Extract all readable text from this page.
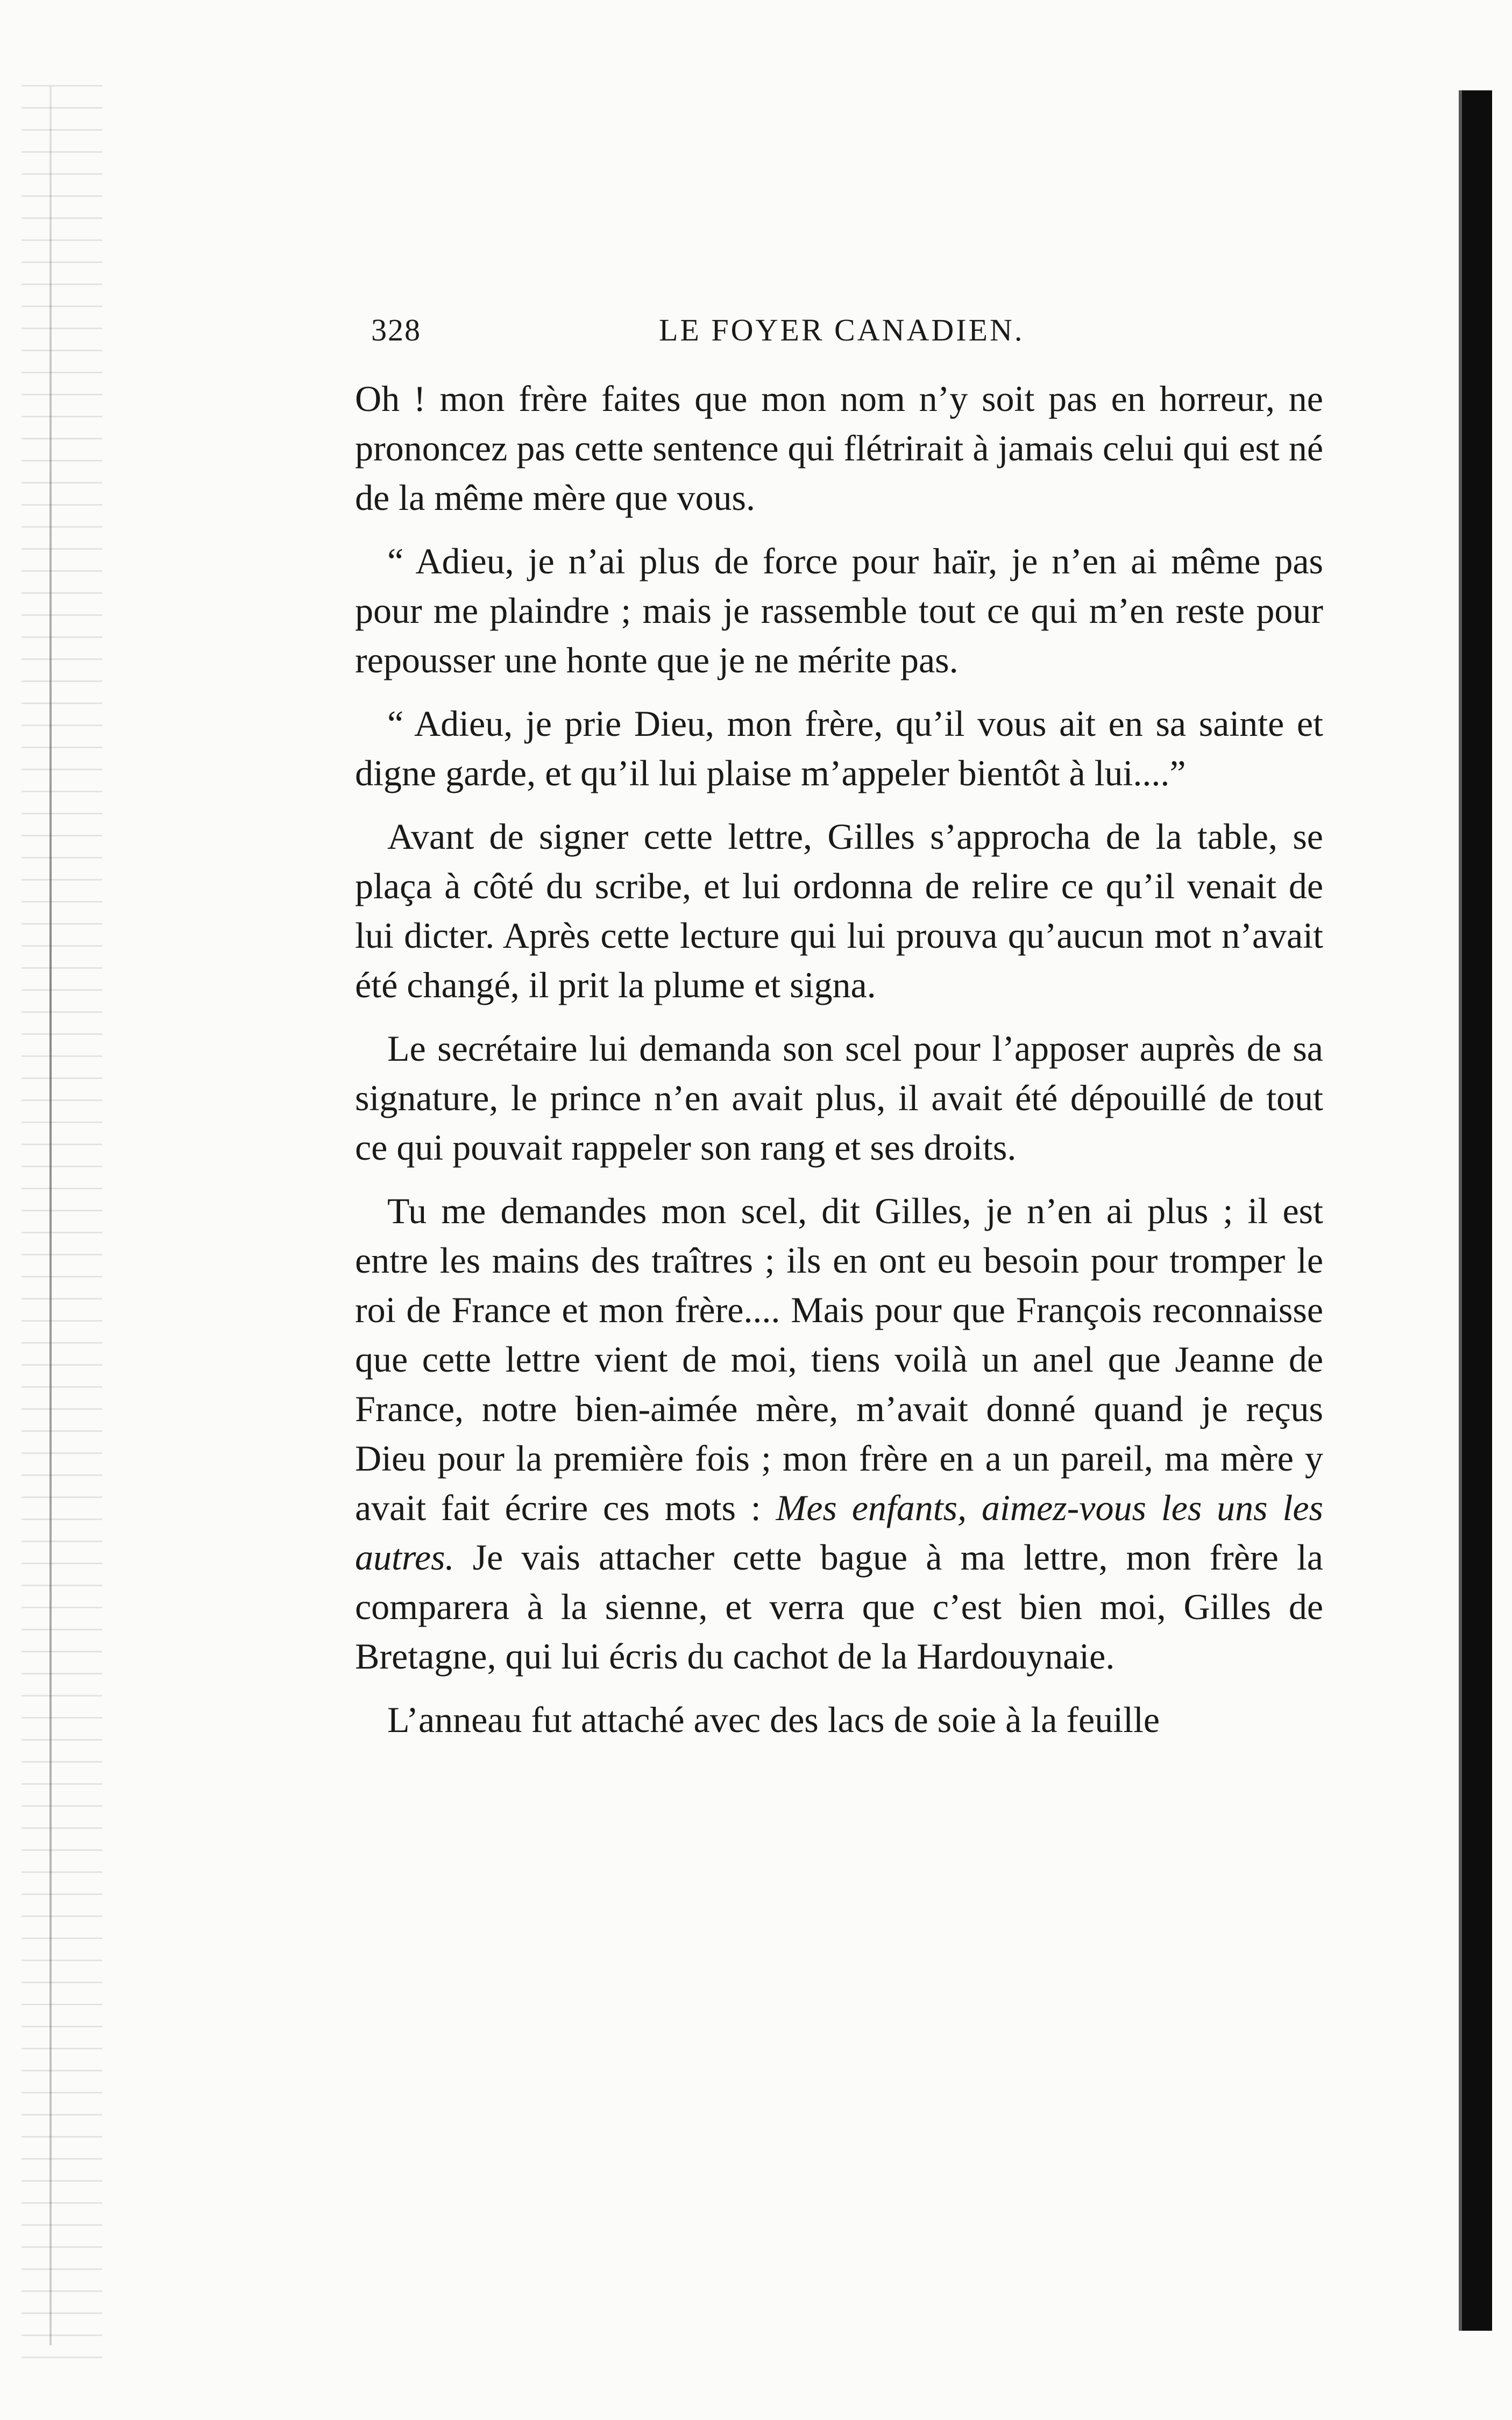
328	LE FOYER CANADIEN.

Oh ! mon frère faites que mon nom n’y soit pas en horreur, ne prononcez pas cette sentence qui flétrirait à jamais celui qui est né de la même mère que vous.

“ Adieu, je n’ai plus de force pour haïr, je n’en ai même pas pour me plaindre ; mais je rassemble tout ce qui m’en reste pour repousser une honte que je ne mérite pas.

“ Adieu, je prie Dieu, mon frère, qu’il vous ait en sa sainte et digne garde, et qu’il lui plaise m’appeler bientôt à lui....”

Avant de signer cette lettre, Gilles s’approcha de la table, se plaça à côté du scribe, et lui ordonna de relire ce qu’il venait de lui dicter. Après cette lecture qui lui prouva qu’aucun mot n’avait été changé, il prit la plume et signa.

Le secrétaire lui demanda son scel pour l’apposer auprès de sa signature, le prince n’en avait plus, il avait été dépouillé de tout ce qui pouvait rappeler son rang et ses droits.

Tu me demandes mon scel, dit Gilles, je n’en ai plus ; il est entre les mains des traîtres ; ils en ont eu besoin pour tromper le roi de France et mon frère.... Mais pour que François reconnaisse que cette lettre vient de moi, tiens voilà un anel que Jeanne de France, notre bien-aimée mère, m’avait donné quand je reçus Dieu pour la première fois ; mon frère en a un pareil, ma mère y avait fait écrire ces mots : Mes enfants, aimez-vous les uns les autres. Je vais attacher cette bague à ma lettre, mon frère la comparera à la sienne, et verra que c’est bien moi, Gilles de Bretagne, qui lui écris du cachot de la Hardouynaie.

L’anneau fut attaché avec des lacs de soie à la feuille
